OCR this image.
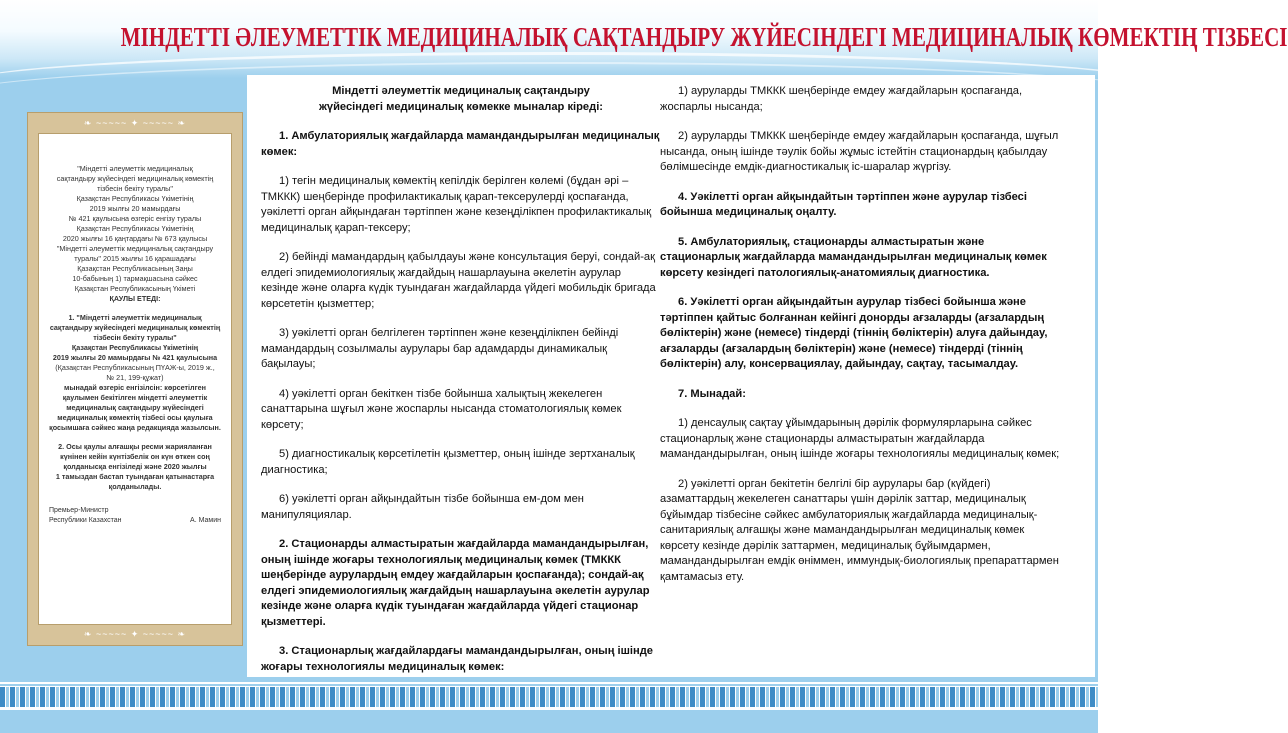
МІНДЕТТІ ӘЛЕУМЕТТІК МЕДИЦИНАЛЫҚ САҚТАНДЫРУ ЖҮЙЕСІНДЕГІ МЕДИЦИНАЛЫҚ КӨМЕКТІҢ ТІЗБЕСІ
❧ ~~~~~ ✦ ~~~~~ ❧

"Міндетті әлеуметтік медициналық

сақтандыру жүйесіндегі медициналық көмектің

тізбесін бекіту туралы"

Қазақстан Республикасы Үкіметінің

2019 жылғы 20 мамырдағы

№ 421 қаулысына өзгеріс енгізу туралы

Қазақстан Республикасы Үкіметінің

2020 жылғы 16 қаңтардағы № 673 қаулысы

"Міндетті әлеуметтік медициналық сақтандыру

туралы" 2015 жылғы 16 қарашадағы

Қазақстан Республикасының Заңы

10-бабының 1) тармақшасына сәйкес

Қазақстан Республикасының Үкіметі

ҚАУЛЫ ЕТЕДІ:

1. "Міндетті әлеуметтік медициналық

сақтандыру жүйесіндегі медициналық көмектің

тізбесін бекіту туралы"

Қазақстан Республикасы Үкіметінің

2019 жылғы 20 мамырдағы № 421 қаулысына

(Қазақстан Республикасының ПҮАЖ-ы, 2019 ж.,

№ 21, 199-құжат)

мынадай өзгеріс енгізілсін: көрсетілген

қаулымен бекітілген міндетті әлеуметтік

медициналық сақтандыру жүйесіндегі

медициналық көмектің тізбесі осы қаулыға

қосымшаға сәйкес жаңа редакцияда жазылсын.

2. Осы қаулы алғашқы ресми жарияланған

күнінен кейін күнтізбелік он күн өткен соң

қолданысқа енгізіледі және 2020 жылғы

1 тамыздан бастап туындаған қатынастарға

қолданылады.

Премьер-Министр
Республики Казахстан	А. Мамин
❧ ~~~~~ ✦ ~~~~~ ❧

Міндетті әлеуметтік медициналық сақтандыру

жүйесіндегі медициналық көмекке мыналар кіреді:

1. Амбулаториялық жағдайларда мамандандырылған медициналық көмек:

1) тегін медициналық көмектің кепілдік берілген көлемі (бұдан әрі – ТМККК) шеңберінде профилактикалық қарап-тексерулерді қоспағанда, уәкілетті орган айқындаған тәртіппен және кезеңділікпен профилактикалық медициналық қарап-тексеру;

2) бейінді мамандардың қабылдауы және консультация беруі, сондай-ақ елдегі эпидемиологиялық жағдайдың нашарлауына әкелетін аурулар кезінде және оларға күдік туындаған жағдайларда үйдегі мобильдік бригада көрсететін қызметтер;

3) уәкілетті орган белгілеген тәртіппен және кезеңділікпен бейінді мамандардың созылмалы аурулары бар адамдарды динамикалық бақылауы;

4) уәкілетті орган бекіткен тізбе бойынша халықтың жекелеген санаттарына шұғыл және жоспарлы нысанда стоматологиялық көмек көрсету;

5) диагностикалық көрсетілетін қызметтер, оның ішінде зертханалық диагностика;

6) уәкілетті орган айқындайтын тізбе бойынша ем-дом мен манипуляциялар.

2. Стационарды алмастыратын жағдайларда мамандандырылған, оның ішінде жоғары технологиялық медициналық көмек (ТМККК шеңберінде аурулардың емдеу жағдайларын қоспағанда); сондай-ақ елдегі эпидемиологиялық жағдайдың нашарлауына әкелетін аурулар кезінде және оларға күдік туындаған жағдайларда үйдегі стационар қызметтері.

3. Стационарлық жағдайлардағы мамандандырылған, оның ішінде жоғары технологиялы медициналық көмек:

1) ауруларды ТМККК шеңберінде емдеу жағдайларын қоспағанда, жоспарлы нысанда;

2) ауруларды ТМККК шеңберінде емдеу жағдайларын қоспағанда, шұғыл нысанда, оның ішінде тәулік бойы жұмыс істейтін стационардың қабылдау бөлімшесінде емдік-диагностикалық іс-шаралар жүргізу.

4. Уәкілетті орган айқындайтын тәртіппен және аурулар тізбесі бойынша медициналық оңалту.

5. Амбулаториялық, стационарды алмастыратын және стационарлық жағдайларда мамандандырылған медициналық көмек көрсету кезіндегі патологиялық-анатомиялық диагностика.

6. Уәкілетті орган айқындайтын аурулар тізбесі бойынша және тәртіппен қайтыс болғаннан кейінгі донорды ағзаларды (ағзалардың бөліктерін) және (немесе) тіндерді (тіннің бөліктерін) алуға дайындау, ағзаларды (ағзалардың бөліктерін) және (немесе) тіндерді (тіннің бөліктерін) алу, консервациялау, дайындау, сақтау, тасымалдау.

7. Мынадай:

1) денсаулық сақтау ұйымдарының дәрілік формулярларына сәйкес стационарлық және стационарды алмастыратын жағдайларда мамандандырылған, оның ішінде жоғары технологиялы медициналық көмек;

2) уәкілетті орган бекітетін белгілі бір аурулары бар (күйдегі) азаматтардың жекелеген санаттары үшін дәрілік заттар, медициналық бұйымдар тізбесіне сәйкес амбулаториялық жағдайларда медициналық-санитариялық алғашқы және мамандандырылған медициналық көмек көрсету кезінде дәрілік заттармен, медициналық бұйымдармен, мамандандырылған емдік өніммен, иммундық-биологиялық препараттармен қамтамасыз ету.
